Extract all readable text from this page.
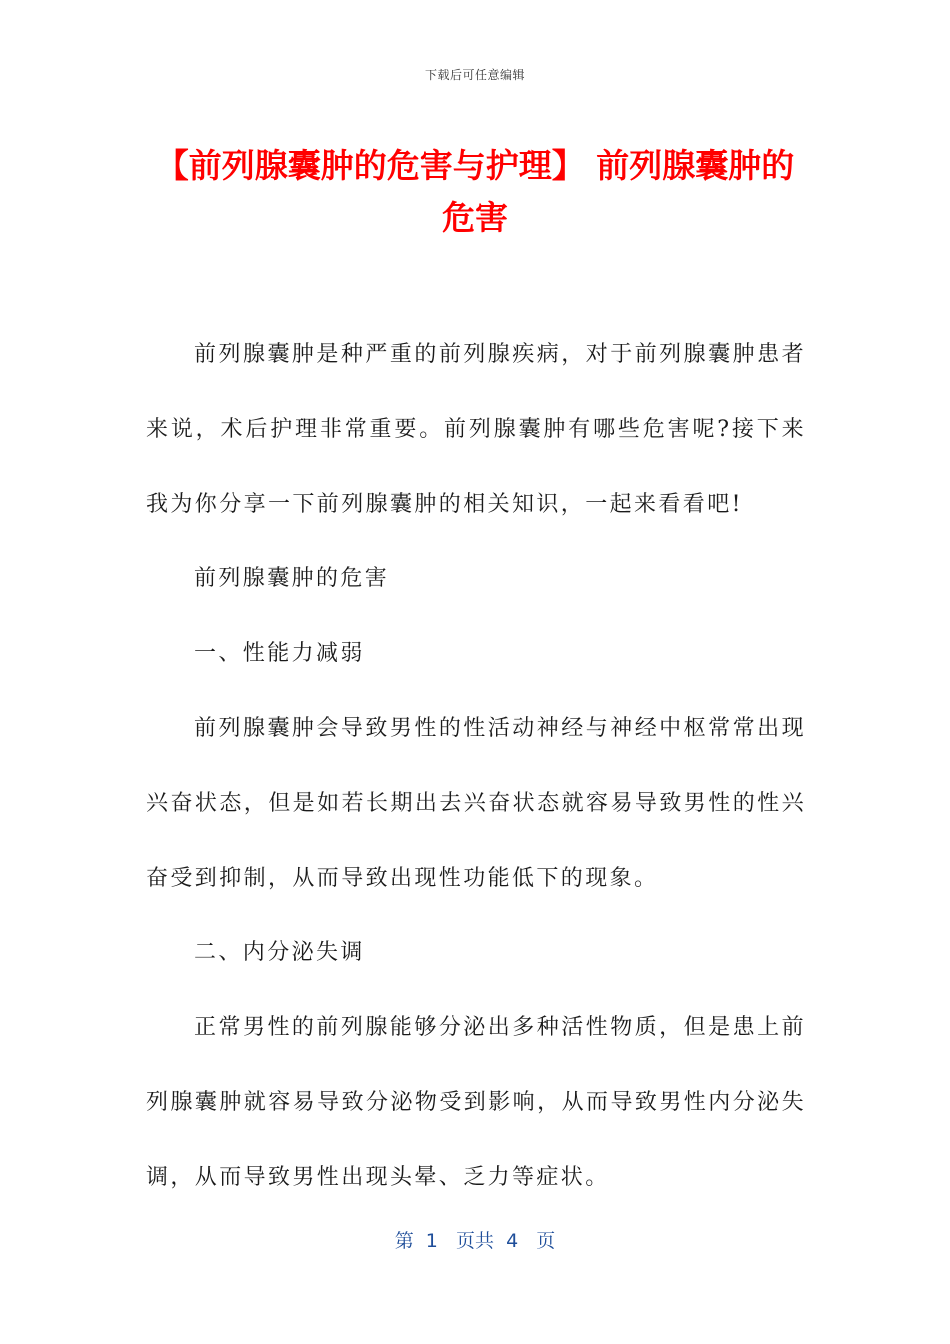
下载后可任意编辑
【前列腺囊肿的危害与护理】 前列腺囊肿的危害

前列腺囊肿是种严重的前列腺疾病，对于前列腺囊肿患者来说，术后护理非常重要。前列腺囊肿有哪些危害呢?接下来我为你分享一下前列腺囊肿的相关知识，一起来看看吧!

前列腺囊肿的危害

一、性能力减弱

前列腺囊肿会导致男性的性活动神经与神经中枢常常出现兴奋状态，但是如若长期出去兴奋状态就容易导致男性的性兴奋受到抑制，从而导致出现性功能低下的现象。

二、内分泌失调

正常男性的前列腺能够分泌出多种活性物质，但是患上前列腺囊肿就容易导致分泌物受到影响，从而导致男性内分泌失调，从而导致男性出现头晕、乏力等症状。

第  1   页共  4   页
